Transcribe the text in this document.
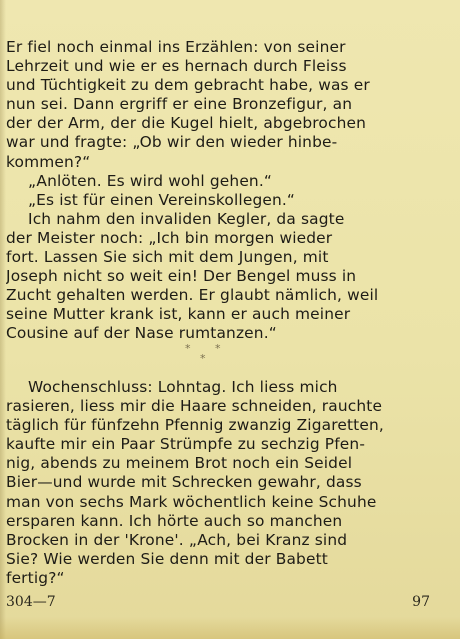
Er fiel noch einmal ins Erzählen: von seiner
Lehrzeit und wie er es hernach durch Fleiss
und Tüchtigkeit zu dem gebracht habe, was er
nun sei. Dann ergriff er eine Bronzefigur, an
der der Arm, der die Kugel hielt, abgebrochen
war und fragte: „Ob wir den wieder hinbe-
kommen?“
„Anlöten. Es wird wohl gehen.“
„Es ist für einen Vereinskollegen.“
Ich nahm den invaliden Kegler, da sagte
der Meister noch: „Ich bin morgen wieder
fort. Lassen Sie sich mit dem Jungen, mit
Joseph nicht so weit ein! Der Bengel muss in
Zucht gehalten werden. Er glaubt nämlich, weil
seine Mutter krank ist, kann er auch meiner
Cousine auf der Nase rumtanzen.“
* *
*
Wochenschluss: Lohntag. Ich liess mich
rasieren, liess mir die Haare schneiden, rauchte
täglich für fünfzehn Pfennig zwanzig Zigaretten,
kaufte mir ein Paar Strümpfe zu sechzig Pfen-
nig, abends zu meinem Brot noch ein Seidel
Bier—und wurde mit Schrecken gewahr, dass
man von sechs Mark wöchentlich keine Schuhe
ersparen kann. Ich hörte auch so manchen
Brocken in der 'Krone'. „Ach, bei Kranz sind
Sie? Wie werden Sie denn mit der Babett
fertig?“
304—7	97
